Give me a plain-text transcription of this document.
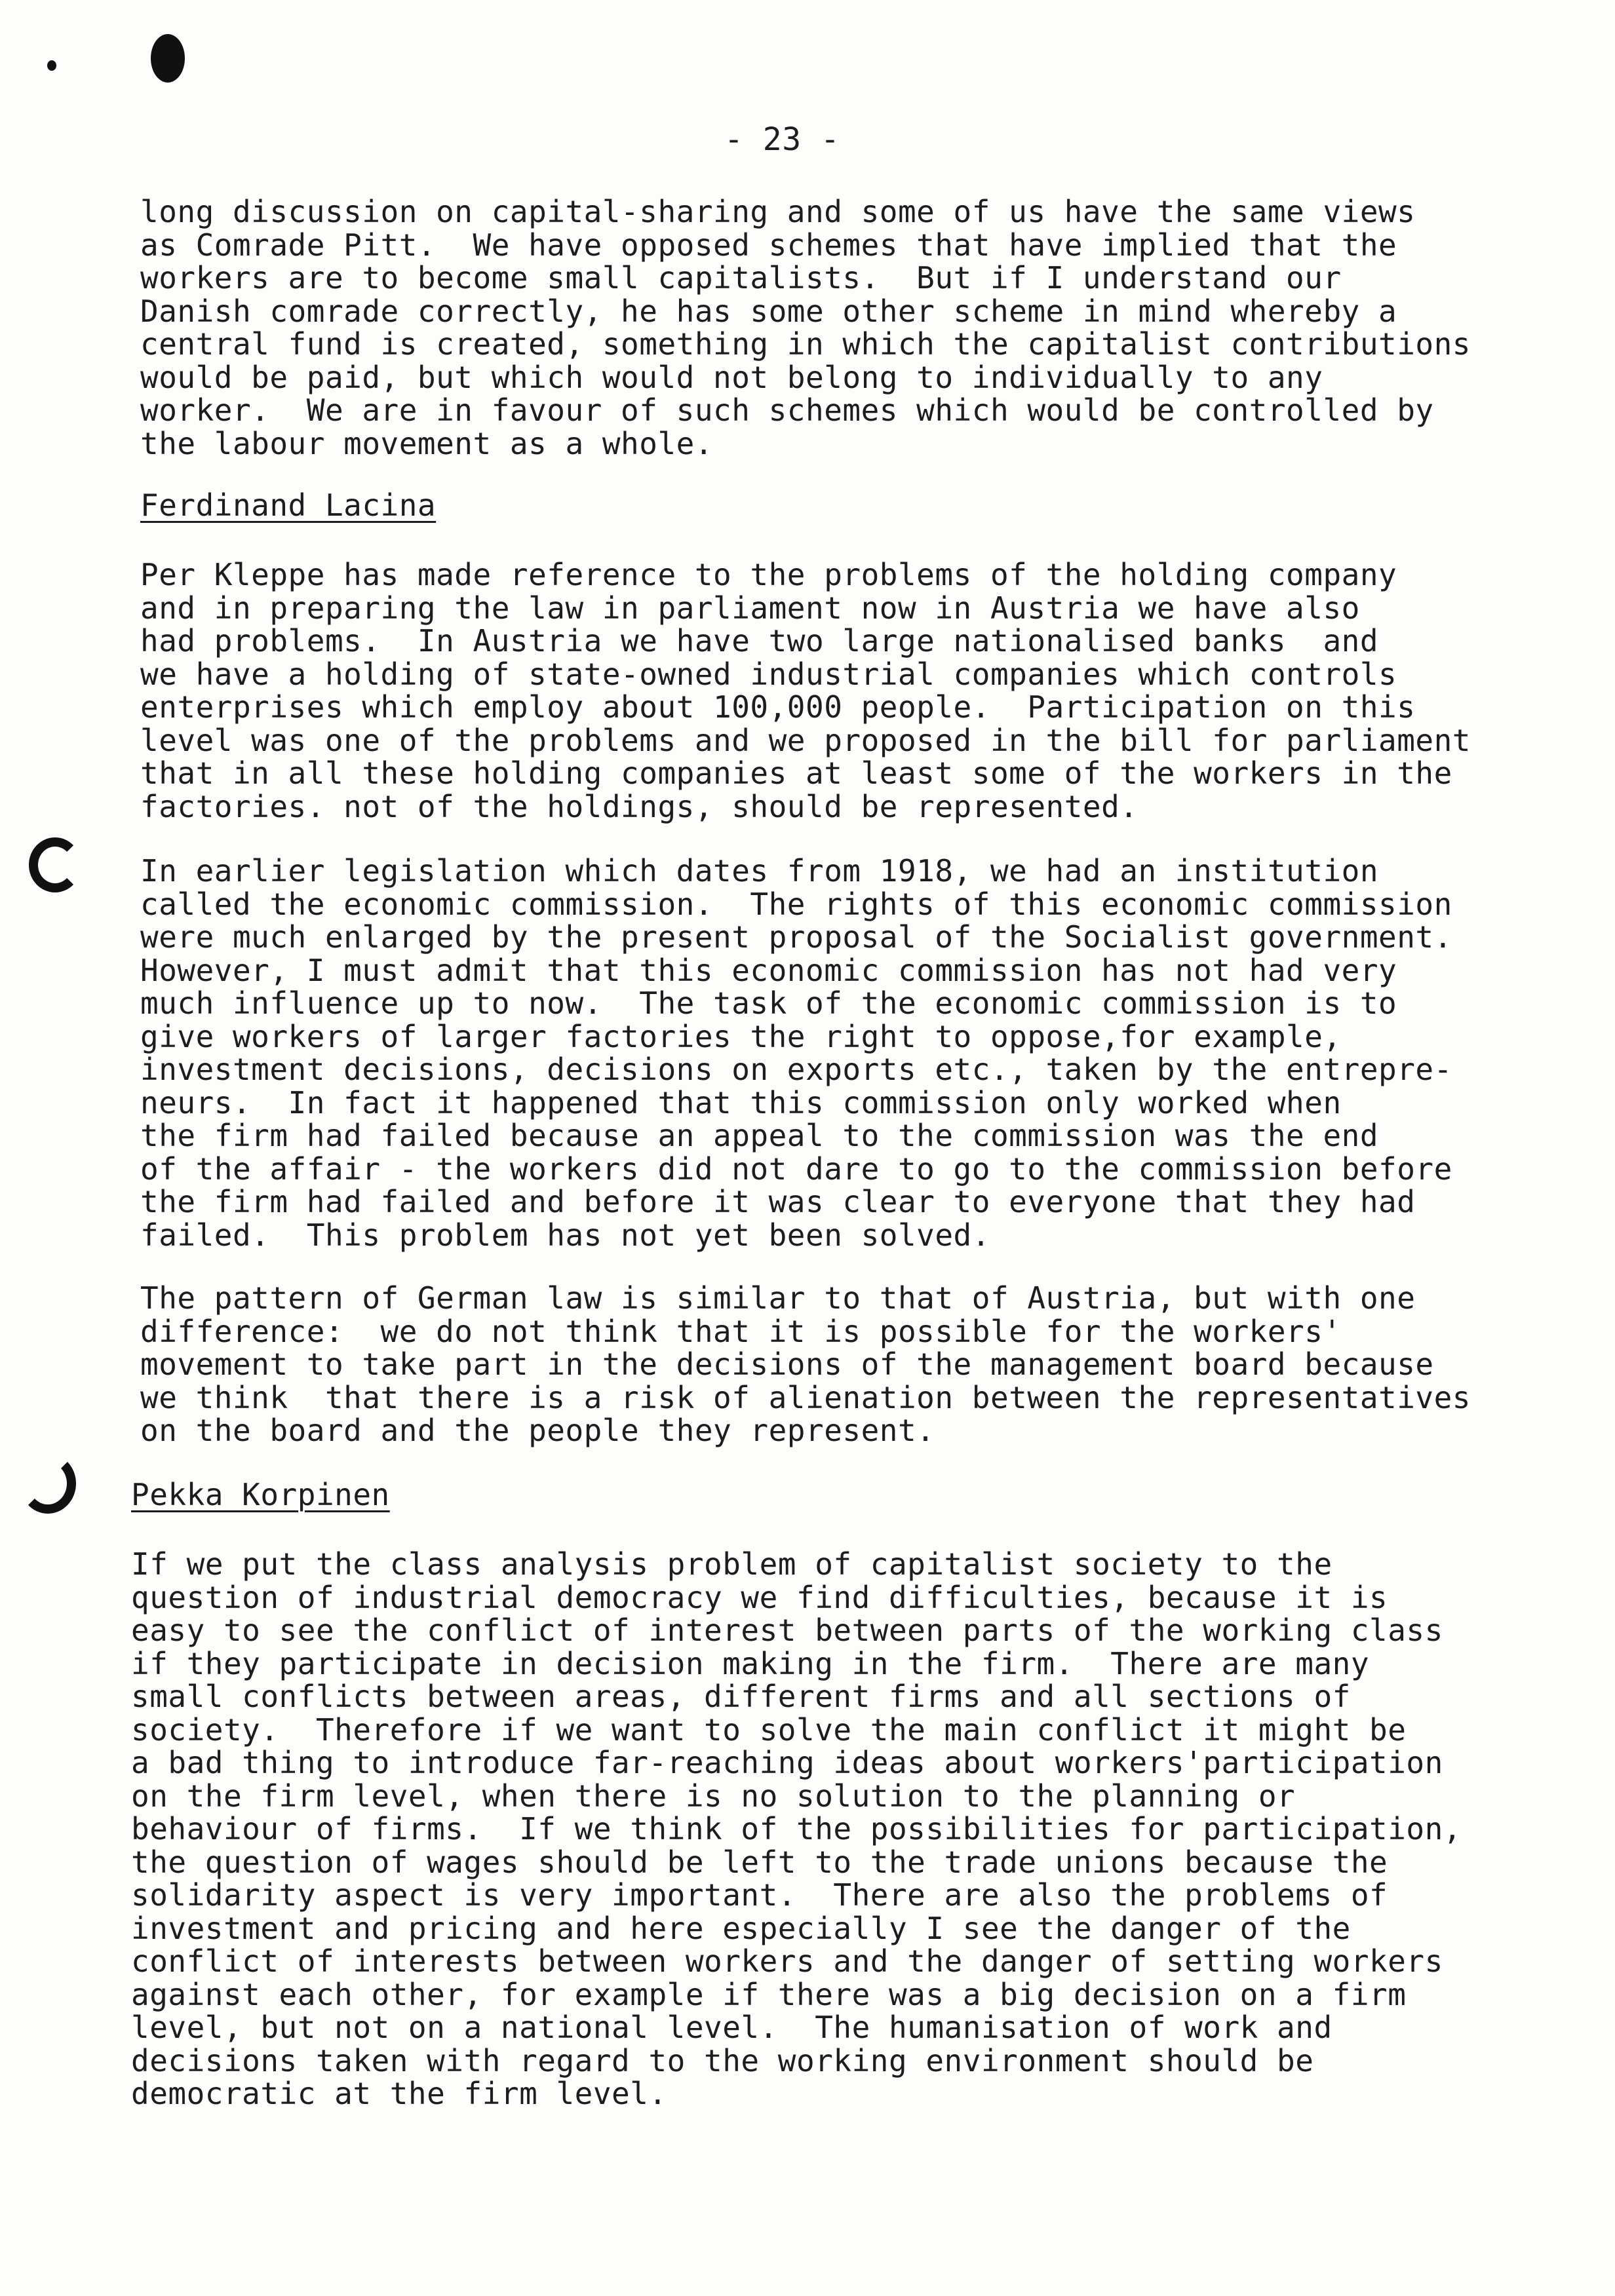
- 23 -
long discussion on capital-sharing and some of us have the same views
as Comrade Pitt.  We have opposed schemes that have implied that the
workers are to become small capitalists.  But if I understand our
Danish comrade correctly, he has some other scheme in mind whereby a
central fund is created, something in which the capitalist contributions
would be paid, but which would not belong to individually to any
worker.  We are in favour of such schemes which would be controlled by
the labour movement as a whole.
Ferdinand Lacina
Per Kleppe has made reference to the problems of the holding company
and in preparing the law in parliament now in Austria we have also
had problems.  In Austria we have two large nationalised banks  and
we have a holding of state-owned industrial companies which controls
enterprises which employ about 100,000 people.  Participation on this
level was one of the problems and we proposed in the bill for parliament
that in all these holding companies at least some of the workers in the
factories. not of the holdings, should be represented.
In earlier legislation which dates from 1918, we had an institution
called the economic commission.  The rights of this economic commission
were much enlarged by the present proposal of the Socialist government.
However, I must admit that this economic commission has not had very
much influence up to now.  The task of the economic commission is to
give workers of larger factories the right to oppose,for example,
investment decisions, decisions on exports etc., taken by the entrepre-
neurs.  In fact it happened that this commission only worked when
the firm had failed because an appeal to the commission was the end
of the affair - the workers did not dare to go to the commission before
the firm had failed and before it was clear to everyone that they had
failed.  This problem has not yet been solved.
The pattern of German law is similar to that of Austria, but with one
difference:  we do not think that it is possible for the workers'
movement to take part in the decisions of the management board because
we think  that there is a risk of alienation between the representatives
on the board and the people they represent.
Pekka Korpinen
If we put the class analysis problem of capitalist society to the
question of industrial democracy we find difficulties, because it is
easy to see the conflict of interest between parts of the working class
if they participate in decision making in the firm.  There are many
small conflicts between areas, different firms and all sections of
society.  Therefore if we want to solve the main conflict it might be
a bad thing to introduce far-reaching ideas about workers'participation
on the firm level, when there is no solution to the planning or
behaviour of firms.  If we think of the possibilities for participation,
the question of wages should be left to the trade unions because the
solidarity aspect is very important.  There are also the problems of
investment and pricing and here especially I see the danger of the
conflict of interests between workers and the danger of setting workers
against each other, for example if there was a big decision on a firm
level, but not on a national level.  The humanisation of work and
decisions taken with regard to the working environment should be
democratic at the firm level.
